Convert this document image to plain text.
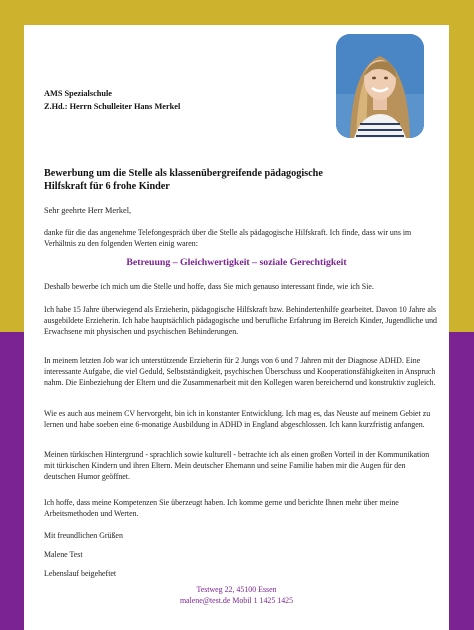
AMS Spezialschule
Z.Hd.: Herrn Schulleiter Hans Merkel
Bewerbung um die Stelle als klassenübergreifende pädagogische
Hilfskraft für 6 frohe Kinder
Sehr geehrte Herr Merkel,
dankе für die das angenehme Telefongespräch über die Stelle als pädagogische Hilfskraft. Ich finde, dass wir uns im Verhältnis zu den folgenden Werten einig waren:
Betreuung – Gleichwertigkeit – soziale Gerechtigkeit
Deshalb bewerbe ich mich um die Stelle und hoffe, dass Sie mich genauso interessant finde, wie ich Sie.
Ich habe 15 Jahre überwiegend als Erzieherin, pädagogische Hilfskraft bzw. Behindertenhilfe gearbeitet. Davon 10 Jahre als ausgebildete Erzieherin. Ich habe hauptsächlich pädagogische und berufliche Erfahrung im Bereich Kinder, Jugendliche und Erwachsene mit physischen und psychischen Behinderungen.
In meinem letzten Job war ich unterstützende Erzieherin für 2 Jungs von 6 und 7 Jahren mit der Diagnose ADHD. Eine interessante Aufgabe, die viel Geduld, Selbstständigkeit, psychischen Überschuss und Kooperationsfähigkeiten in Anspruch nahm. Die Einbeziehung der Eltern und die Zusammenarbeit mit den Kollegen waren bereichernd und konstruktiv zugleich.
Wie es auch aus meinem CV hervorgeht, bin ich in konstanter Entwicklung. Ich mag es, das Neuste auf meinem Gebiet zu lernen und habe soeben eine 6-monatige Ausbildung in ADHD in England abgeschlossen. Ich kann kurzfristig anfangen.
Meinen türkischen Hintergrund - sprachlich sowie kulturell - betrachte ich als einen großen Vorteil in der Kommunikation mit türkischen Kindern und ihren Eltern. Mein deutscher Ehemann und seine Familie haben mir die Augen für den deutschen Humor geöffnet.
Ich hoffe, dass meine Kompetenzen Sie überzeugt haben. Ich komme gerne und berichte Ihnen mehr über meine Arbeitsmethoden und Werten.
Mit freundlichen Grüßen
Malene Test
Lebenslauf beigeheftet
Testweg 22, 45100 Essen
malene@test.de Mobil 1 1425 1425
